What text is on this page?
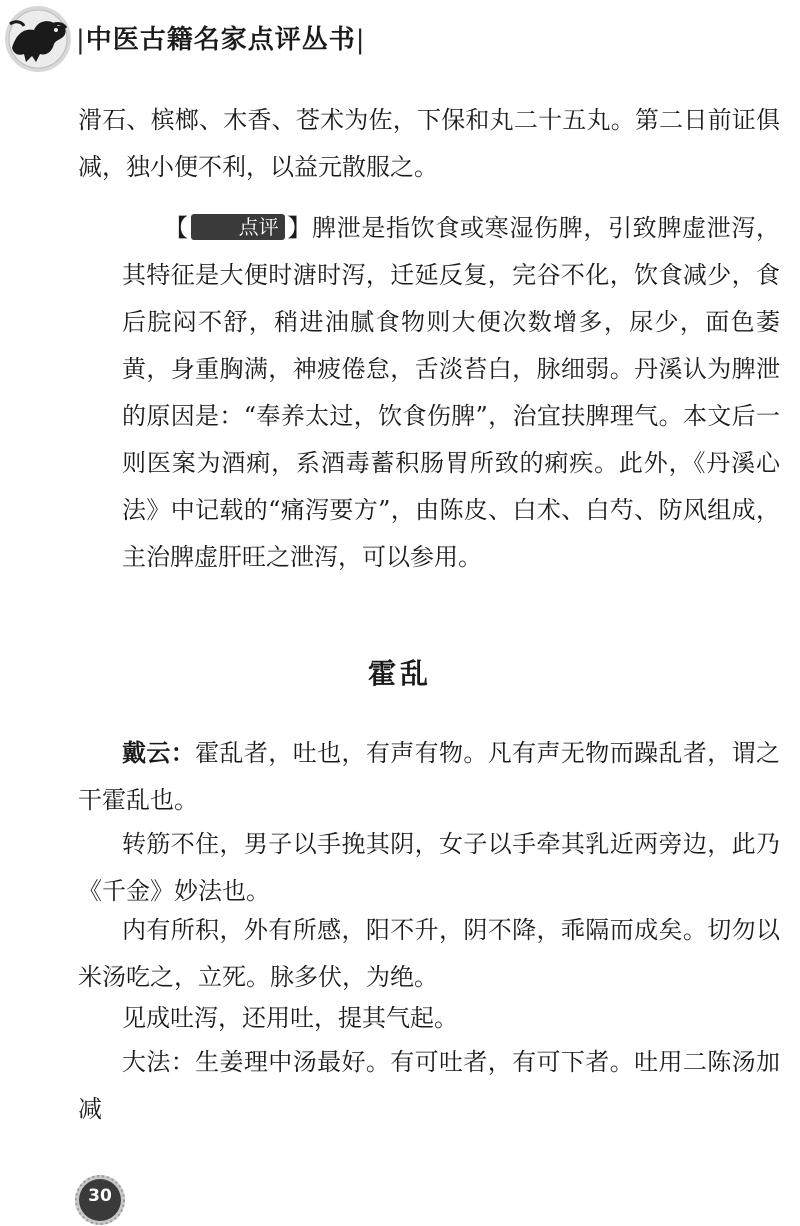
|中医古籍名家点评丛书|
滑石、槟榔、木香、苍术为佐，下保和丸二十五丸。第二日前证俱减，独小便不利，以益元散服之。
【	点评 】脾泄是指饮食或寒湿伤脾，引致脾虚泄泻，其特征是大便时溏时泻，迁延反复，完谷不化，饮食减少，食后脘闷不舒，稍进油腻食物则大便次数增多，尿少，面色萎黄，身重胸满，神疲倦怠，舌淡苔白，脉细弱。丹溪认为脾泄的原因是：“奉养太过，饮食伤脾”，治宜扶脾理气。本文后一则医案为酒痢，系酒毒蓄积肠胃所致的痢疾。此外，《丹溪心法》中记载的“痛泻要方”，由陈皮、白术、白芍、防风组成，主治脾虚肝旺之泄泻，可以参用。
霍乱
戴云：霍乱者，吐也，有声有物。凡有声无物而躁乱者，谓之干霍乱也。
转筋不住，男子以手挽其阴，女子以手牵其乳近两旁边，此乃《千金》妙法也。
内有所积，外有所感，阳不升，阴不降，乖隔而成矣。切勿以米汤吃之，立死。脉多伏，为绝。
见成吐泻，还用吐，提其气起。
大法：生姜理中汤最好。有可吐者，有可下者。吐用二陈汤加减
30
